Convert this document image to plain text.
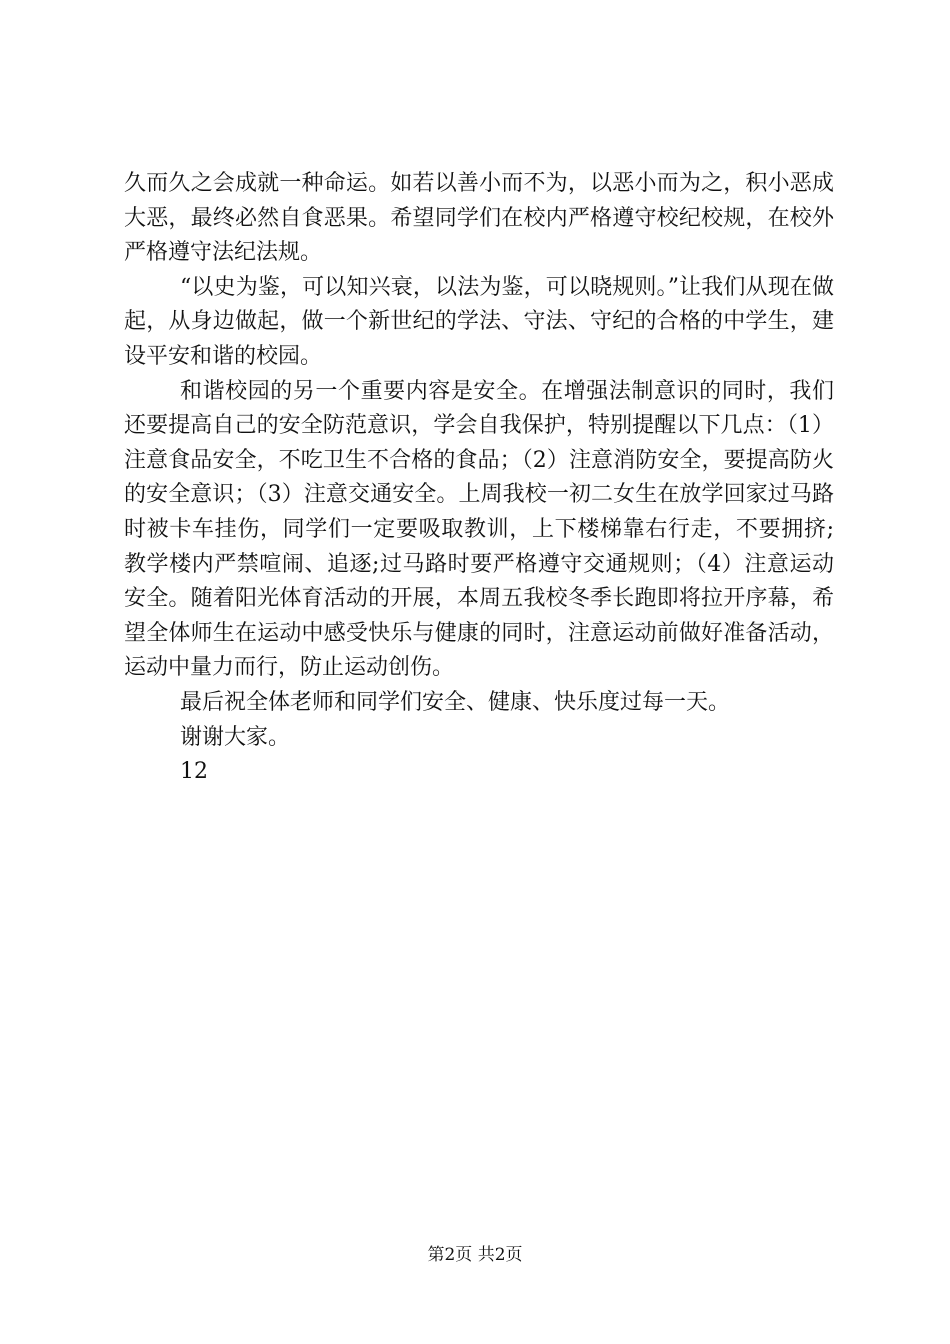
久而久之会成就一种命运。如若以善小而不为，以恶小而为之，积小恶成大恶，最终必然自食恶果。希望同学们在校内严格遵守校纪校规，在校外严格遵守法纪法规。

“以史为鉴，可以知兴衰，以法为鉴，可以晓规则。”让我们从现在做起，从身边做起，做一个新世纪的学法、守法、守纪的合格的中学生，建设平安和谐的校园。

和谐校园的另一个重要内容是安全。在增强法制意识的同时，我们还要提高自己的安全防范意识，学会自我保护，特别提醒以下几点：（1）注意食品安全，不吃卫生不合格的食品；（2）注意消防安全，要提高防火的安全意识；（3）注意交通安全。上周我校一初二女生在放学回家过马路时被卡车挂伤，同学们一定要吸取教训，上下楼梯靠右行走，不要拥挤;教学楼内严禁喧闹、追逐;过马路时要严格遵守交通规则；（4）注意运动安全。随着阳光体育活动的开展，本周五我校冬季长跑即将拉开序幕，希望全体师生在运动中感受快乐与健康的同时，注意运动前做好准备活动，运动中量力而行，防止运动创伤。

最后祝全体老师和同学们安全、健康、快乐度过每一天。

谢谢大家。

12

第2页 共2页
